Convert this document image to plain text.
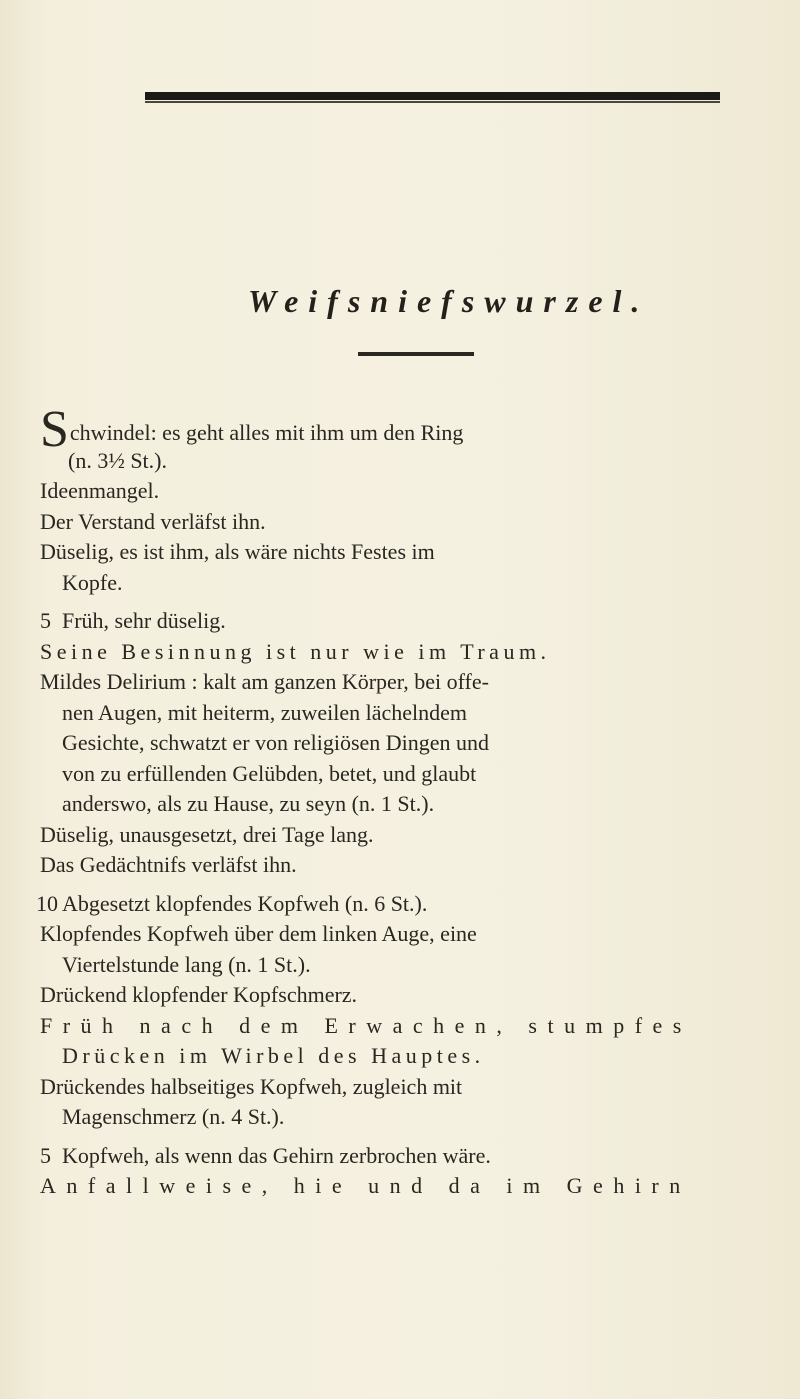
Weifsniefswurzel.
Schwindel: es geht alles mit ihm um den Ring
(n. 3½ St.).
Ideenmangel.
Der Verstand verläfst ihn.
Düselig, es ist ihm, als wäre nichts Festes im
Kopfe.
5 Früh, sehr düselig.
Seine Besinnung ist nur wie im Traum.
Mildes Delirium : kalt am ganzen Körper, bei offe-
nen Augen, mit heiterm, zuweilen lächelndem
Gesichte, schwatzt er von religiösen Dingen und
von zu erfüllenden Gelübden, betet, und glaubt
anderswo, als zu Hause, zu seyn (n. 1 St.).
Düselig, unausgesetzt, drei Tage lang.
Das Gedächtnifs verläfst ihn.
10 Abgesetzt klopfendes Kopfweh (n. 6 St.).
Klopfendes Kopfweh über dem linken Auge, eine
Viertelstunde lang (n. 1 St.).
Drückend klopfender Kopfschmerz.
Früh nach dem Erwachen, stumpfes
Drücken im Wirbel des Hauptes.
Drückendes halbseitiges Kopfweh, zugleich mit
Magenschmerz (n. 4 St.).
5 Kopfweh, als wenn das Gehirn zerbrochen wäre.
Anfallweise, hie und da im Gehirn
